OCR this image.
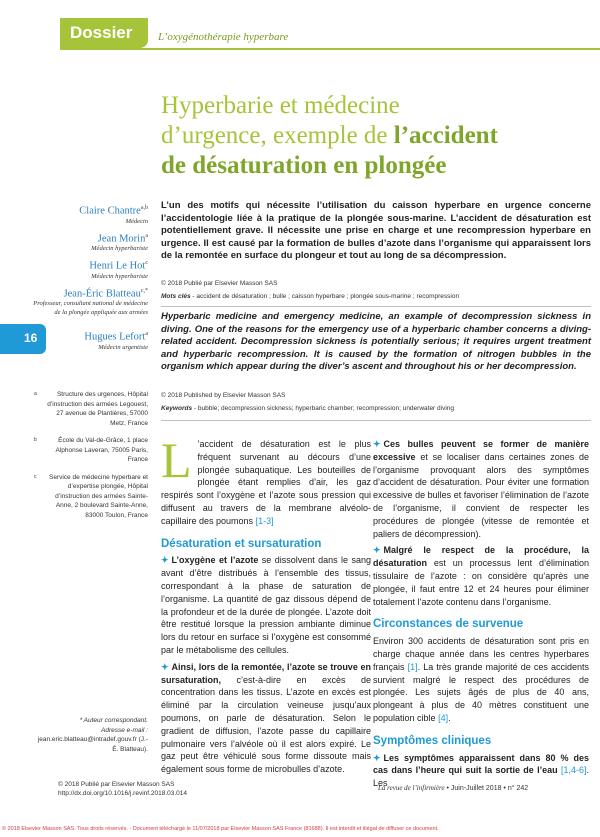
Dossier L’oxygénothérapie hyperbare
16
Hyperbarie et médecine
d’urgence, exemple de l’accident
de désaturation en plongée
Claire Chantre$^{a,b}$
Médecin
Jean Morin$^a$
Médecin hyperbariste
Henri Le Hot$^c$
Médecin hyperbariste
Jean-Éric Blatteau$^{c,*}$
Professeur, consultant national de médecine de la plongée appliquée aux armées
Hugues Lefort$^a$
Médecin urgentiste
a	Structure des urgences, Hôpital d’instruction des armées Legouest, 27 avenue de Plantières, 57000 Metz, France
b	École du Val-de-Grâce, 1 place Alphonse Laveran, 75005 Paris, France
c Service de médecine hyperbare et d’expertise plongée, Hôpital d’instruction des armées Sainte-Anne, 2 boulevard Sainte-Anne, 83000 Toulon, France
* Auteur correspondant.
Adresse e-mail :
jean.eric.blatteau@intradef.gouv.fr (J.-É. Blatteau).
L’un des motifs qui nécessite l’utilisation du caisson hyperbare en urgence concerne l’accidentologie liée à la pratique de la plongée sous-marine. L’accident de désaturation est potentiellement grave. Il nécessite une prise en charge et une recompression hyperbare en urgence. Il est causé par la formation de bulles d’azote dans l’organisme qui apparaissent lors de la remontée en surface du plongeur et tout au long de sa décompression.
© 2018 Publié par Elsevier Masson SAS
Mots clés - accident de désaturation ; bulle ; caisson hyperbare ; plongée sous-marine ; recompression
Hyperbaric medicine and emergency medicine, an example of decompression sickness in diving. One of the reasons for the emergency use of a hyperbaric chamber concerns a diving-related accident. Decompression sickness is potentially serious; it requires urgent treatment and hyperbaric recompression. It is caused by the formation of nitrogen bubbles in the organism which appear during the diver’s ascent and throughout his or her decompression.
© 2018 Published by Elsevier Masson SAS
Keywords - bubble; decompression sickness; hyperbaric chamber; recompression; underwater diving

L ’accident de désaturation est le plus fréquent survenant au décours d’une plongée subaquatique. Les bouteilles de plongée étant remplies d’air, les gaz respirés sont l’oxygène et l’azote sous pression qui diffusent au travers de la membrane alvéolo-capillaire des poumons [1-3]

Désaturation et sursaturation

✦ L’oxygène et l’azote se dissolvent dans le sang avant d’être distribués à l’ensemble des tissus, correspondant à la phase de saturation de l’organisme. La quantité de gaz dissous dépend de la profondeur et de la durée de plongée. L’azote doit être restitué lorsque la pression ambiante diminue lors du retour en surface si l’oxygène est consommé par le métabolisme des cellules.

✦ Ainsi, lors de la remontée, l’azote se trouve en sursaturation, c’est-à-dire en excès de concentration dans les tissus. L’azote en excès est éliminé par la circulation veineuse jusqu’aux poumons, on parle de désaturation. Selon le gradient de diffusion, l’azote passe du capillaire pulmonaire vers l’alvéole où il est alors expiré. Le gaz peut être véhiculé sous forme dissoute mais également sous forme de microbulles d’azote.

✦ Ces bulles peuvent se former de manière excessive et se localiser dans certaines zones de l’organisme provoquant alors des symptômes d’accident de désaturation. Pour éviter une formation excessive de bulles et favoriser l’élimination de l’azote de l’organisme, il convient de respecter les procédures de plongée (vitesse de remontée et paliers de décompression).

✦ Malgré le respect de la procédure, la désaturation est un processus lent d’élimination tissulaire de l’azote : on considère qu’après une plongée, il faut entre 12 et 24 heures pour éliminer totalement l’azote contenu dans l’organisme.

Circonstances de survenue

Environ 300 accidents de désaturation sont pris en charge chaque année dans les centres hyperbares français [1]. La très grande majorité de ces accidents survient malgré le respect des procédures de plongée. Les sujets âgés de plus de 40 ans, plongeant à plus de 40 mètres constituent une population cible [4].

Symptômes cliniques

✦ Les symptômes apparaissent dans 80 % des cas dans l’heure qui suit la sortie de l’eau [1,4-6]. Les

© 2018 Publié par Elsevier Masson SAS
http://dx.doi.org/10.1016/j.revinf.2018.03.014
La revue de l’infirmière • Juin-Juillet 2018 • n° 242
© 2018 Elsevier Masson SAS. Tous droits réservés. - Document téléchargé le 11/07/2018 par Elsevier Masson SAS France (81688). Il est interdit et illégal de diffuser ce document.
